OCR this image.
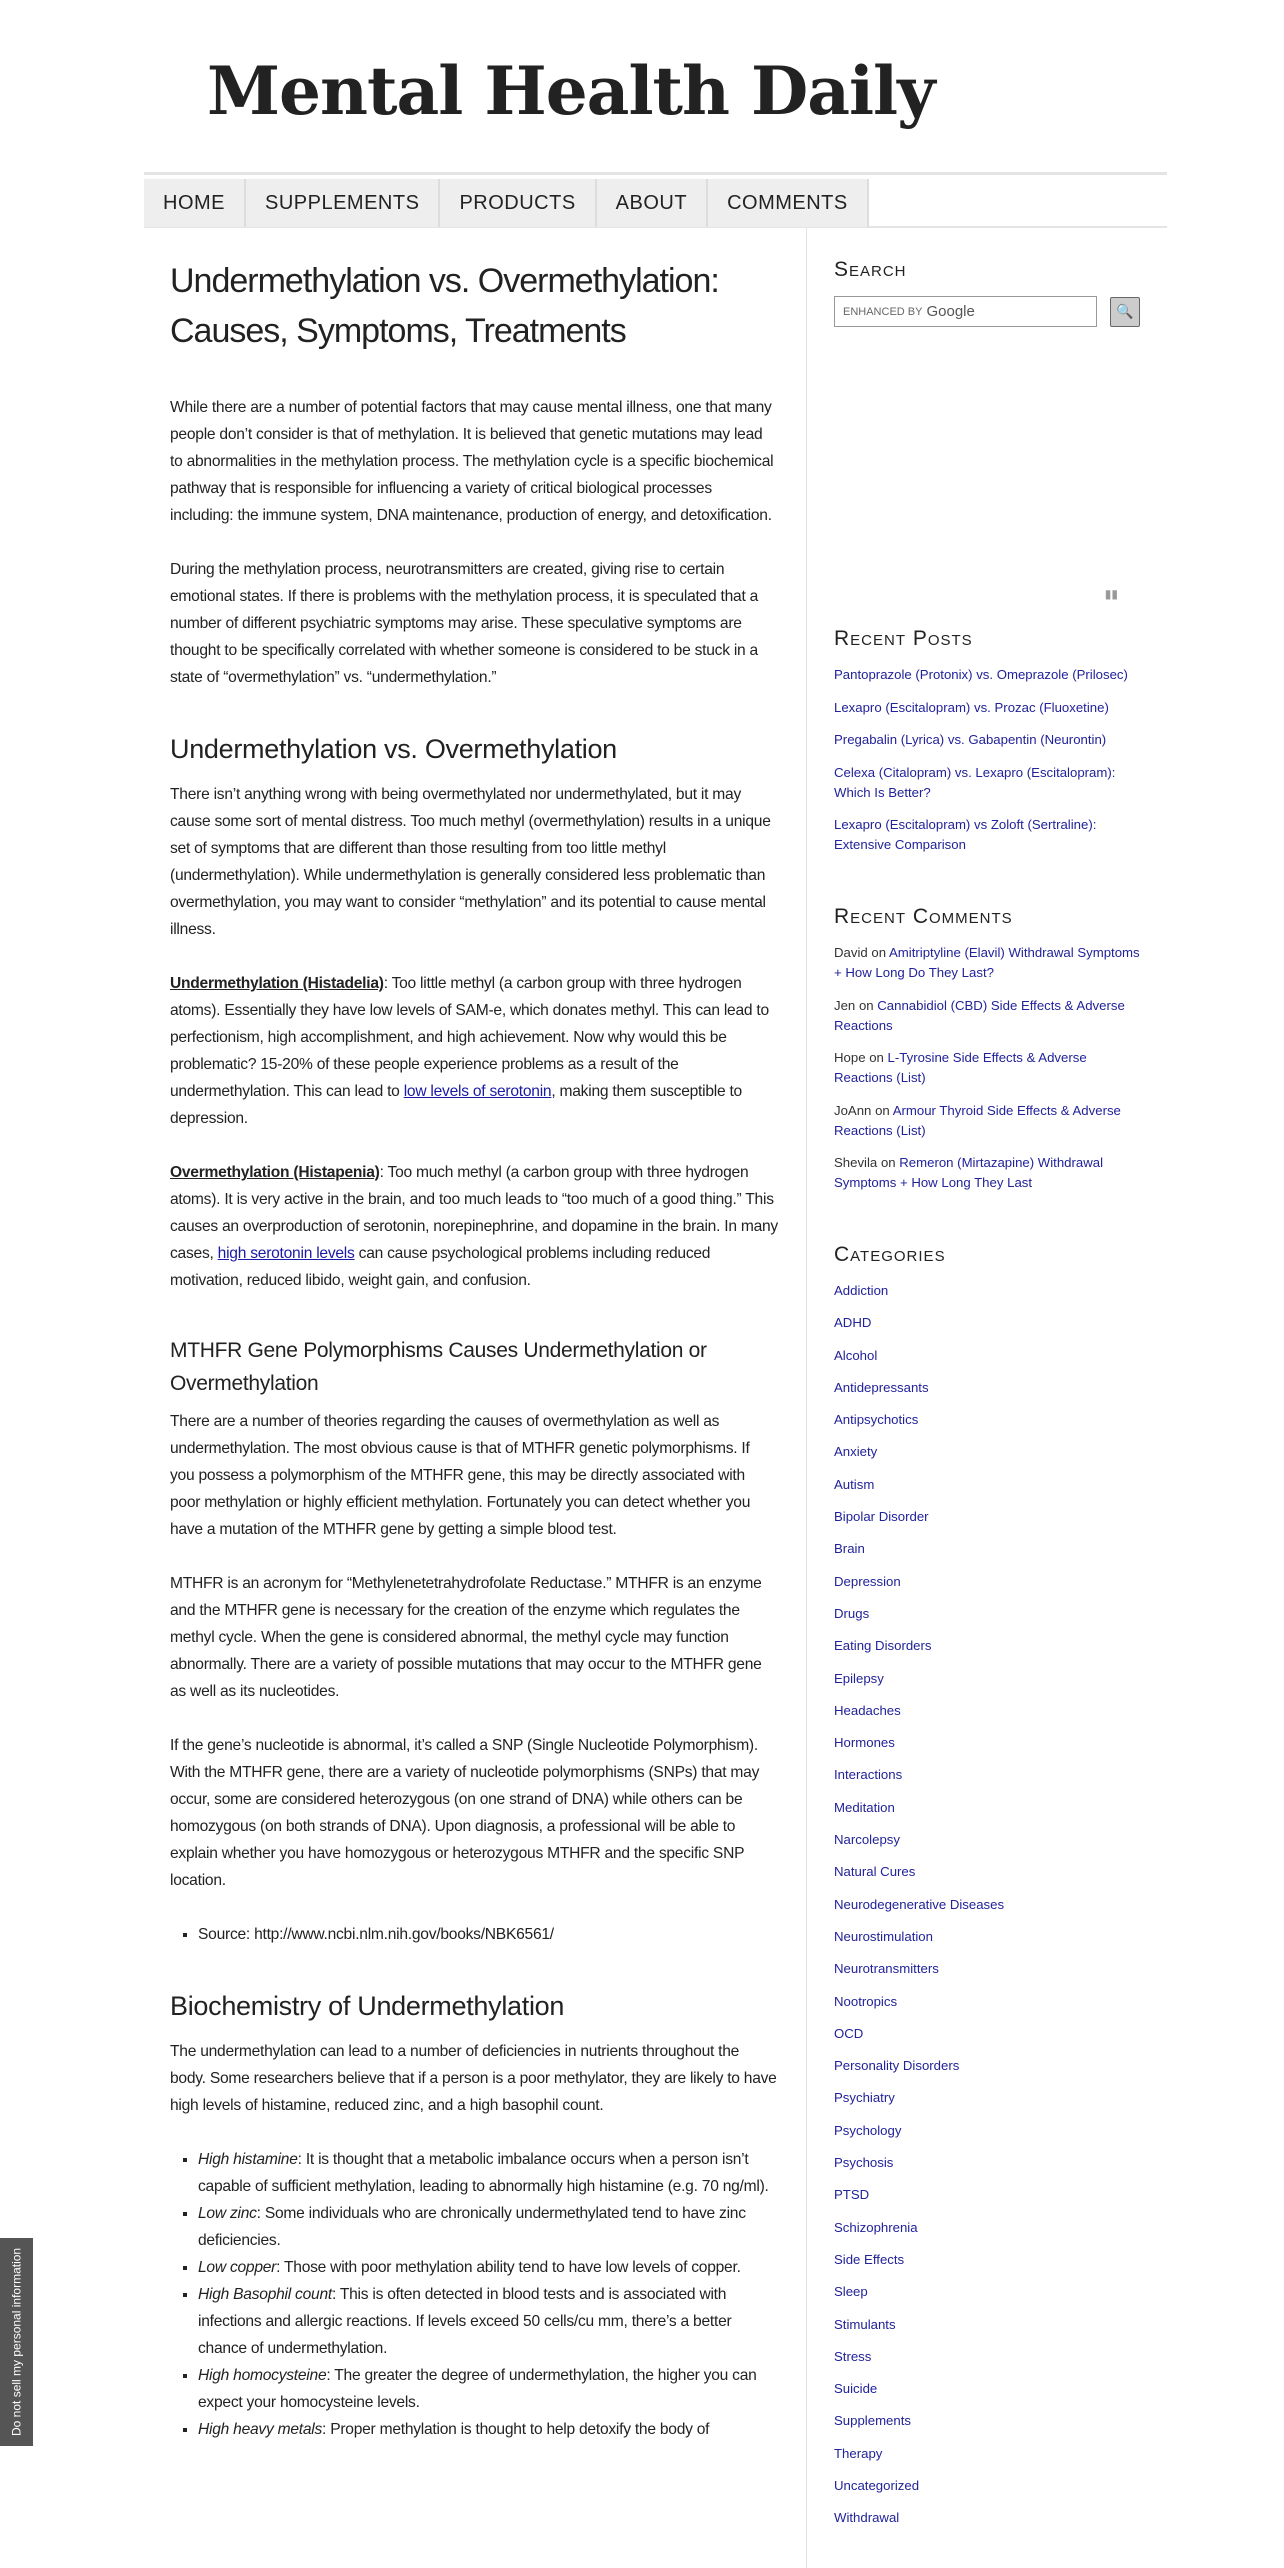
Mental Health Daily
HOME	SUPPLEMENTS	PRODUCTS	ABOUT	COMMENTS
Undermethylation vs. Overmethylation: Causes, Symptoms, Treatments

While there are a number of potential factors that may cause mental illness, one that many people don’t consider is that of methylation. It is believed that genetic mutations may lead to abnormalities in the methylation process. The methylation cycle is a specific biochemical pathway that is responsible for influencing a variety of critical biological processes including: the immune system, DNA maintenance, production of energy, and detoxification.

During the methylation process, neurotransmitters are created, giving rise to certain emotional states. If there is problems with the methylation process, it is speculated that a number of different psychiatric symptoms may arise. These speculative symptoms are thought to be specifically correlated with whether someone is considered to be stuck in a state of “overmethylation” vs. “undermethylation.”

Undermethylation vs. Overmethylation

There isn’t anything wrong with being overmethylated nor undermethylated, but it may cause some sort of mental distress. Too much methyl (overmethylation) results in a unique set of symptoms that are different than those resulting from too little methyl (undermethylation). While undermethylation is generally considered less problematic than overmethylation, you may want to consider “methylation” and its potential to cause mental illness.

Undermethylation (Histadelia): Too little methyl (a carbon group with three hydrogen atoms). Essentially they have low levels of SAM-e, which donates methyl. This can lead to perfectionism, high accomplishment, and high achievement. Now why would this be problematic? 15-20% of these people experience problems as a result of the undermethylation. This can lead to low levels of serotonin, making them susceptible to depression.

Overmethylation (Histapenia): Too much methyl (a carbon group with three hydrogen atoms). It is very active in the brain, and too much leads to “too much of a good thing.” This causes an overproduction of serotonin, norepinephrine, and dopamine in the brain. In many cases, high serotonin levels can cause psychological problems including reduced motivation, reduced libido, weight gain, and confusion.

MTHFR Gene Polymorphisms Causes Undermethylation or Overmethylation

There are a number of theories regarding the causes of overmethylation as well as undermethylation. The most obvious cause is that of MTHFR genetic polymorphisms. If you possess a polymorphism of the MTHFR gene, this may be directly associated with poor methylation or highly efficient methylation. Fortunately you can detect whether you have a mutation of the MTHFR gene by getting a simple blood test.

MTHFR is an acronym for “Methylenetetrahydrofolate Reductase.” MTHFR is an enzyme and the MTHFR gene is necessary for the creation of the enzyme which regulates the methyl cycle. When the gene is considered abnormal, the methyl cycle may function abnormally. There are a variety of possible mutations that may occur to the MTHFR gene as well as its nucleotides.

If the gene’s nucleotide is abnormal, it’s called a SNP (Single Nucleotide Polymorphism). With the MTHFR gene, there are a variety of nucleotide polymorphisms (SNPs) that may occur, some are considered heterozygous (on one strand of DNA) while others can be homozygous (on both strands of DNA). Upon diagnosis, a professional will be able to explain whether you have homozygous or heterozygous MTHFR and the specific SNP location.

▪ Source: http://www.ncbi.nlm.nih.gov/books/NBK6561/
Biochemistry of Undermethylation

The undermethylation can lead to a number of deficiencies in nutrients throughout the body. Some researchers believe that if a person is a poor methylator, they are likely to have high levels of histamine, reduced zinc, and a high basophil count.

▪ High histamine: It is thought that a metabolic imbalance occurs when a person isn’t capable of sufficient methylation, leading to abnormally high histamine (e.g. 70 ng/ml).
▪ Low zinc: Some individuals who are chronically undermethylated tend to have zinc deficiencies.
▪ Low copper: Those with poor methylation ability tend to have low levels of copper.
▪ High Basophil count: This is often detected in blood tests and is associated with infections and allergic reactions. If levels exceed 50 cells/cu mm, there’s a better chance of undermethylation.
▪ High homocysteine: The greater the degree of undermethylation, the higher you can expect your homocysteine levels.
▪ High heavy metals: Proper methylation is thought to help detoxify the body of
Search
ENHANCED BY Google	🔍
▮▮
Recent Posts
Pantoprazole (Protonix) vs. Omeprazole (Prilosec)
Lexapro (Escitalopram) vs. Prozac (Fluoxetine)
Pregabalin (Lyrica) vs. Gabapentin (Neurontin)
Celexa (Citalopram) vs. Lexapro (Escitalopram): Which Is Better?
Lexapro (Escitalopram) vs Zoloft (Sertraline): Extensive Comparison
Recent Comments
David on Amitriptyline (Elavil) Withdrawal Symptoms + How Long Do They Last?
Jen on Cannabidiol (CBD) Side Effects & Adverse Reactions
Hope on L-Tyrosine Side Effects & Adverse Reactions (List)
JoAnn on Armour Thyroid Side Effects & Adverse Reactions (List)
Shevila on Remeron (Mirtazapine) Withdrawal Symptoms + How Long They Last
Categories
Addiction
ADHD
Alcohol
Antidepressants
Antipsychotics
Anxiety
Autism
Bipolar Disorder
Brain
Depression
Drugs
Eating Disorders
Epilepsy
Headaches
Hormones
Interactions
Meditation
Narcolepsy
Natural Cures
Neurodegenerative Diseases
Neurostimulation
Neurotransmitters
Nootropics
OCD
Personality Disorders
Psychiatry
Psychology
Psychosis
PTSD
Schizophrenia
Side Effects
Sleep
Stimulants
Stress
Suicide
Supplements
Therapy
Uncategorized
Withdrawal
Do not sell my personal information
